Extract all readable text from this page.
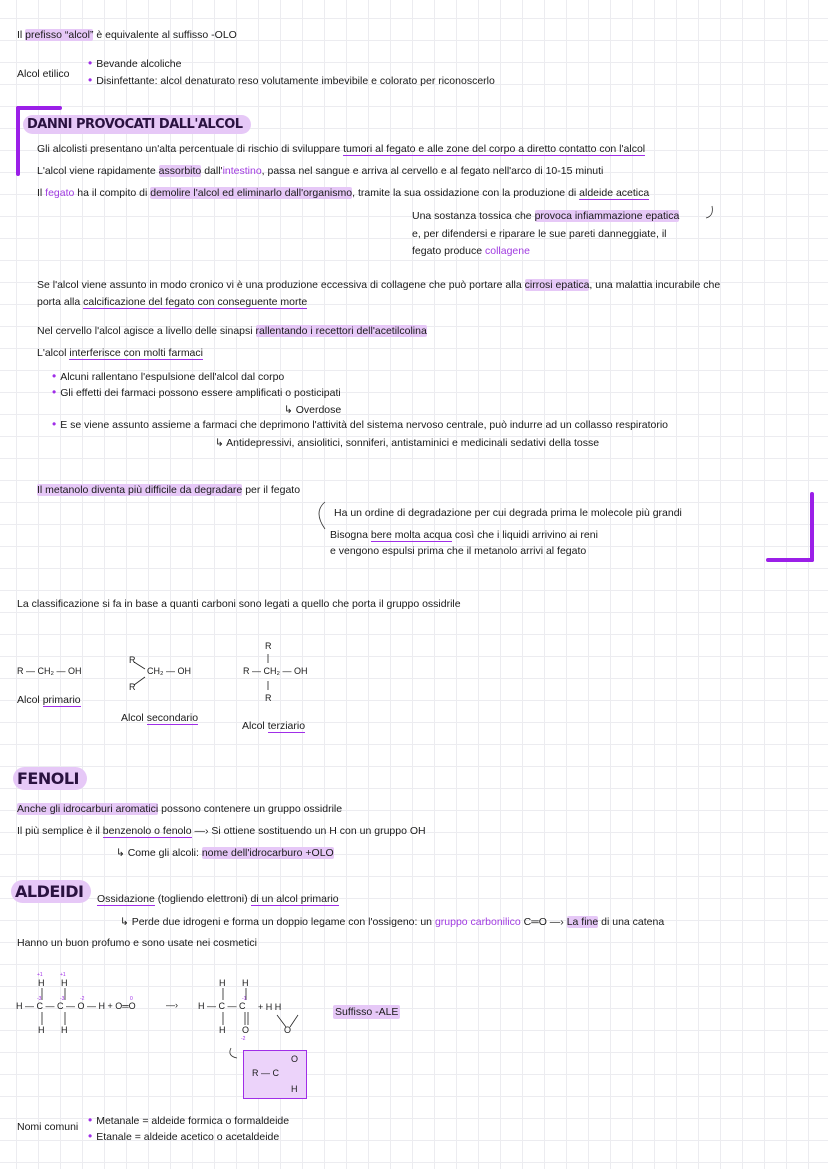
Il prefisso “alcol” è equivalente al suffisso -OLO
Alcol etilico
• Bevande alcoliche
• Disinfettante: alcol denaturato reso volutamente imbevibile e colorato per riconoscerlo
DANNI PROVOCATI DALL'ALCOL
Gli alcolisti presentano un'alta percentuale di rischio di sviluppare tumori al fegato e alle zone del corpo a diretto contatto con l'alcol
L'alcol viene rapidamente assorbito dall'intestino, passa nel sangue e arriva al cervello e al fegato nell'arco di 10-15 minuti
Il fegato ha il compito di demolire l'alcol ed eliminarlo dall'organismo, tramite la sua ossidazione con la produzione di aldeide acetica
Una sostanza tossica che provoca infiammazione epatica
e, per difendersi e riparare le sue pareti danneggiate, il
fegato produce collagene
Se l'alcol viene assunto in modo cronico vi è una produzione eccessiva di collagene che può portare alla cirrosi epatica, una malattia incurabile che
porta alla calcificazione del fegato con conseguente morte
Nel cervello l'alcol agisce a livello delle sinapsi rallentando i recettori dell'acetilcolina
L'alcol interferisce con molti farmaci
• Alcuni rallentano l'espulsione dell'alcol dal corpo
• Gli effetti dei farmaci possono essere amplificati o posticipati
↳ Overdose
• E se viene assunto assieme a farmaci che deprimono l'attività del sistema nervoso centrale, può indurre ad un collasso respiratorio
↳ Antidepressivi, ansiolitici, sonniferi, antistaminici e medicinali sedativi della tosse
Il metanolo diventa più difficile da degradare per il fegato
Ha un ordine di degradazione per cui degrada prima le molecole più grandi
Bisogna bere molta acqua così che i liquidi arrivino ai reni
e vengono espulsi prima che il metanolo arrivi al fegato
La classificazione si fa in base a quanti carboni sono legati a quello che porta il gruppo ossidrile
R — CH₂ — OH
Alcol primario
R
R
CH₂ — OH
Alcol secondario
R
R — CH₂ — OH
R
Alcol terziario
FENOLI
Anche gli idrocarburi aromatici possono contenere un gruppo ossidrile
Il più semplice è il benzenolo o fenolo —› Si ottiene sostituendo un H con un gruppo OH
↳ Come gli alcoli: nome dell'idrocarburo +OLO
ALDEIDI	Ossidazione (togliendo elettroni) di un alcol primario
↳ Perde due idrogeni e forma un doppio legame con l'ossigeno: un gruppo carbonilico C═O —› La fine di una catena
Hanno un buon profumo e sono usate nei cosmetici
H H
H — C — C — O — H + O═O
H H
+1	+1
-3	-3	-2	0
—›
H H
H — C — C
H O
+ H H
O
-1
-2
Suffisso -ALE
R — C
O
H
Nomi comuni	• Metanale = aldeide formica o formaldeide
• Etanale = aldeide acetico o acetaldeide
